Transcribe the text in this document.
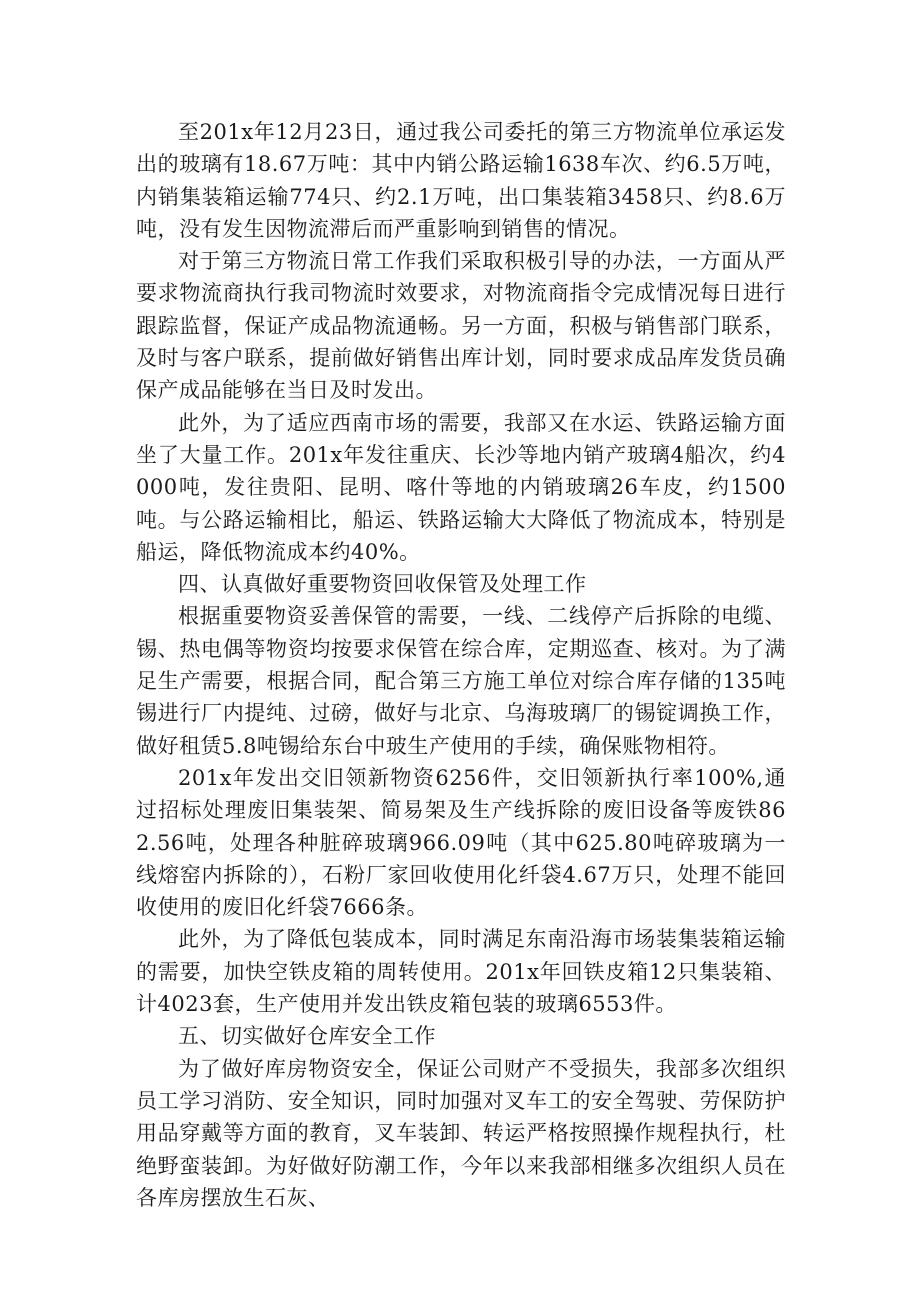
至201x年12月23日，通过我公司委托的第三方物流单位承运发出的玻璃有18.67万吨：其中内销公路运输1638车次、约6.5万吨，内销集装箱运输774只、约2.1万吨，出口集装箱3458只、约8.6万吨，没有发生因物流滞后而严重影响到销售的情况。

对于第三方物流日常工作我们采取积极引导的办法，一方面从严要求物流商执行我司物流时效要求，对物流商指令完成情况每日进行跟踪监督，保证产成品物流通畅。另一方面，积极与销售部门联系，及时与客户联系，提前做好销售出库计划，同时要求成品库发货员确保产成品能够在当日及时发出。

此外，为了适应西南市场的需要，我部又在水运、铁路运输方面坐了大量工作。201x年发往重庆、长沙等地内销产玻璃4船次，约4000吨，发往贵阳、昆明、喀什等地的内销玻璃26车皮，约1500吨。与公路运输相比，船运、铁路运输大大降低了物流成本，特别是船运，降低物流成本约40%。

四、认真做好重要物资回收保管及处理工作

根据重要物资妥善保管的需要，一线、二线停产后拆除的电缆、锡、热电偶等物资均按要求保管在综合库，定期巡查、核对。为了满足生产需要，根据合同，配合第三方施工单位对综合库存储的135吨锡进行厂内提纯、过磅，做好与北京、乌海玻璃厂的锡锭调换工作，做好租赁5.8吨锡给东台中玻生产使用的手续，确保账物相符。

201x年发出交旧领新物资6256件，交旧领新执行率100%,通过招标处理废旧集装架、简易架及生产线拆除的废旧设备等废铁862.56吨，处理各种脏碎玻璃966.09吨（其中625.80吨碎玻璃为一线熔窑内拆除的），石粉厂家回收使用化纤袋4.67万只，处理不能回收使用的废旧化纤袋7666条。

此外，为了降低包装成本，同时满足东南沿海市场装集装箱运输的需要，加快空铁皮箱的周转使用。201x年回铁皮箱12只集装箱、计4023套，生产使用并发出铁皮箱包装的玻璃6553件。

五、切实做好仓库安全工作

为了做好库房物资安全，保证公司财产不受损失，我部多次组织员工学习消防、安全知识，同时加强对叉车工的安全驾驶、劳保防护用品穿戴等方面的教育，叉车装卸、转运严格按照操作规程执行，杜绝野蛮装卸。为好做好防潮工作，今年以来我部相继多次组织人员在各库房摆放生石灰、
